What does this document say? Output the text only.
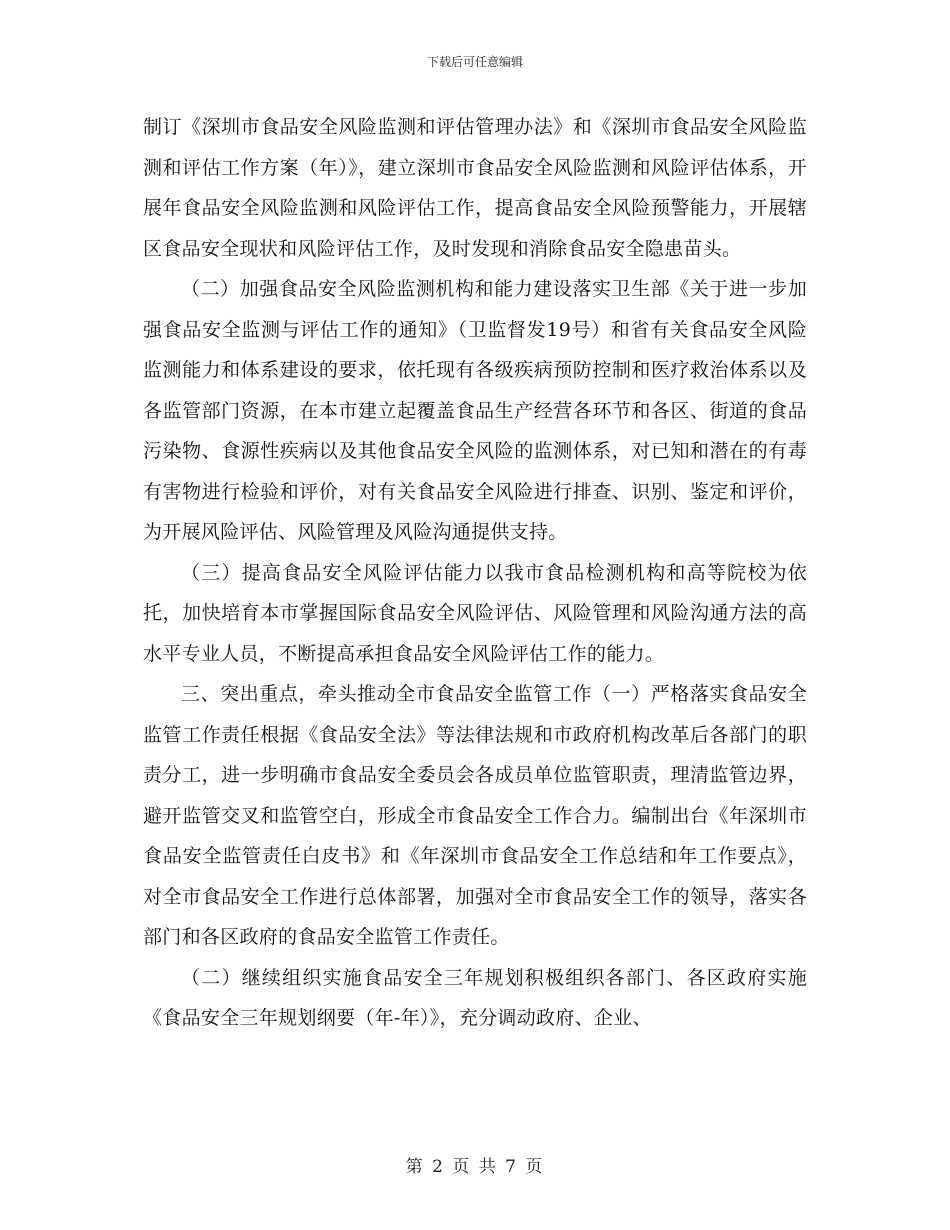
下载后可任意编辑

制订《深圳市食品安全风险监测和评估管理办法》和《深圳市食品安全风险监测和评估工作方案（年）》，建立深圳市食品安全风险监测和风险评估体系，开展年食品安全风险监测和风险评估工作，提高食品安全风险预警能力，开展辖区食品安全现状和风险评估工作，及时发现和消除食品安全隐患苗头。

（二）加强食品安全风险监测机构和能力建设落实卫生部《关于进一步加强食品安全监测与评估工作的通知》（卫监督发19号）和省有关食品安全风险监测能力和体系建设的要求，依托现有各级疾病预防控制和医疗救治体系以及各监管部门资源，在本市建立起覆盖食品生产经营各环节和各区、街道的食品污染物、食源性疾病以及其他食品安全风险的监测体系，对已知和潜在的有毒有害物进行检验和评价，对有关食品安全风险进行排查、识别、鉴定和评价，为开展风险评估、风险管理及风险沟通提供支持。

（三）提高食品安全风险评估能力以我市食品检测机构和高等院校为依托，加快培育本市掌握国际食品安全风险评估、风险管理和风险沟通方法的高水平专业人员，不断提高承担食品安全风险评估工作的能力。

三、突出重点，牵头推动全市食品安全监管工作（一）严格落实食品安全监管工作责任根据《食品安全法》等法律法规和市政府机构改革后各部门的职责分工，进一步明确市食品安全委员会各成员单位监管职责，理清监管边界，避开监管交叉和监管空白，形成全市食品安全工作合力。编制出台《年深圳市食品安全监管责任白皮书》和《年深圳市食品安全工作总结和年工作要点》，对全市食品安全工作进行总体部署，加强对全市食品安全工作的领导，落实各部门和各区政府的食品安全监管工作责任。

（二）继续组织实施食品安全三年规划积极组织各部门、各区政府实施《食品安全三年规划纲要（年-年）》，充分调动政府、企业、

第 2 页 共 7 页
